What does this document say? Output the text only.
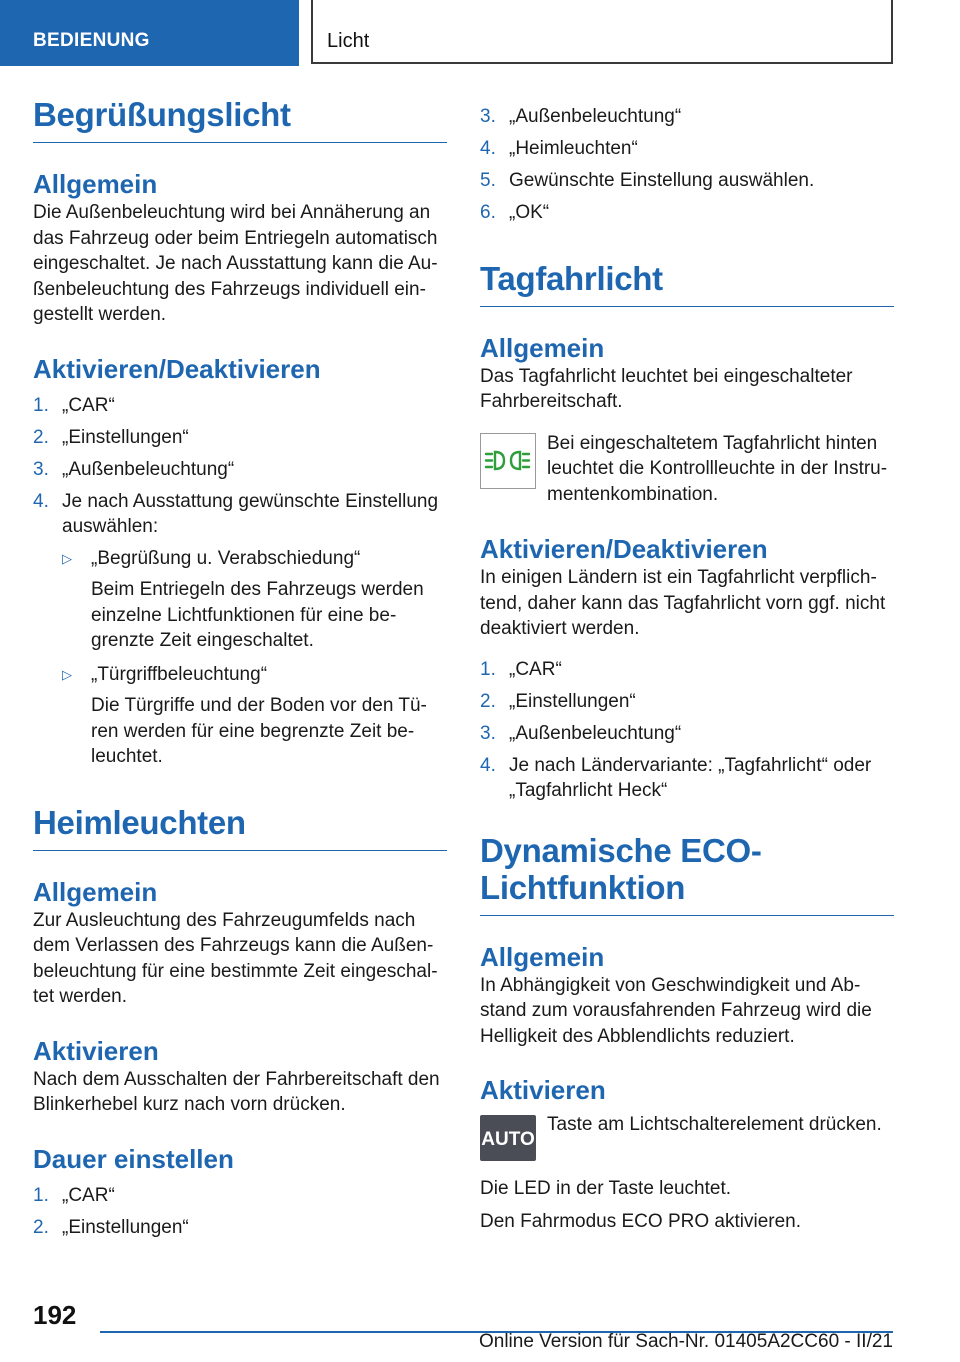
BEDIENUNG	Licht
Begrüßungslicht
Allgemein

Die Außenbeleuchtung wird bei Annäherung an das Fahrzeug oder beim Entriegeln automatisch eingeschaltet. Je nach Ausstattung kann die Außenbeleuchtung des Fahrzeugs individuell eingestellt werden.

Aktivieren/Deaktivieren
1. „CAR“
2. „Einstellungen“
3. „Außenbeleuchtung“
4. Je nach Ausstattung gewünschte Einstellung auswählen:
▷ „Begrüßung u. Verabschiedung“
Beim Entriegeln des Fahrzeugs werden einzelne Lichtfunktionen für eine begrenzte Zeit eingeschaltet.
▷ „Türgriffbeleuchtung“
Die Türgriffe und der Boden vor den Türen werden für eine begrenzte Zeit beleuchtet.
Heimleuchten
Allgemein

Zur Ausleuchtung des Fahrzeugumfelds nach dem Verlassen des Fahrzeugs kann die Außenbeleuchtung für eine bestimmte Zeit eingeschaltet werden.

Aktivieren

Nach dem Ausschalten der Fahrbereitschaft den Blinkerhebel kurz nach vorn drücken.

Dauer einstellen
1. „CAR“
2. „Einstellungen“
3. „Außenbeleuchtung“
4. „Heimleuchten“
5. Gewünschte Einstellung auswählen.
6. „OK“
Tagfahrlicht
Allgemein

Das Tagfahrlicht leuchtet bei eingeschalteter Fahrbereitschaft.

Bei eingeschaltetem Tagfahrlicht hinten leuchtet die Kontrollleuchte in der Instrumentenkombination.

Aktivieren/Deaktivieren

In einigen Ländern ist ein Tagfahrlicht verpflichtend, daher kann das Tagfahrlicht vorn ggf. nicht deaktiviert werden.

1. „CAR“
2. „Einstellungen“
3. „Außenbeleuchtung“
4. Je nach Ländervariante: „Tagfahrlicht“ oder „Tagfahrlicht Heck“
Dynamische ECO-
Lichtfunktion
Allgemein

In Abhängigkeit von Geschwindigkeit und Abstand zum vorausfahrenden Fahrzeug wird die Helligkeit des Abblendlichts reduziert.

Aktivieren
AUTO

Taste am Lichtschalterelement drücken.

Die LED in der Taste leuchtet.

Den Fahrmodus ECO PRO aktivieren.

192
Online Version für Sach-Nr. 01405A2CC60 - II/21
